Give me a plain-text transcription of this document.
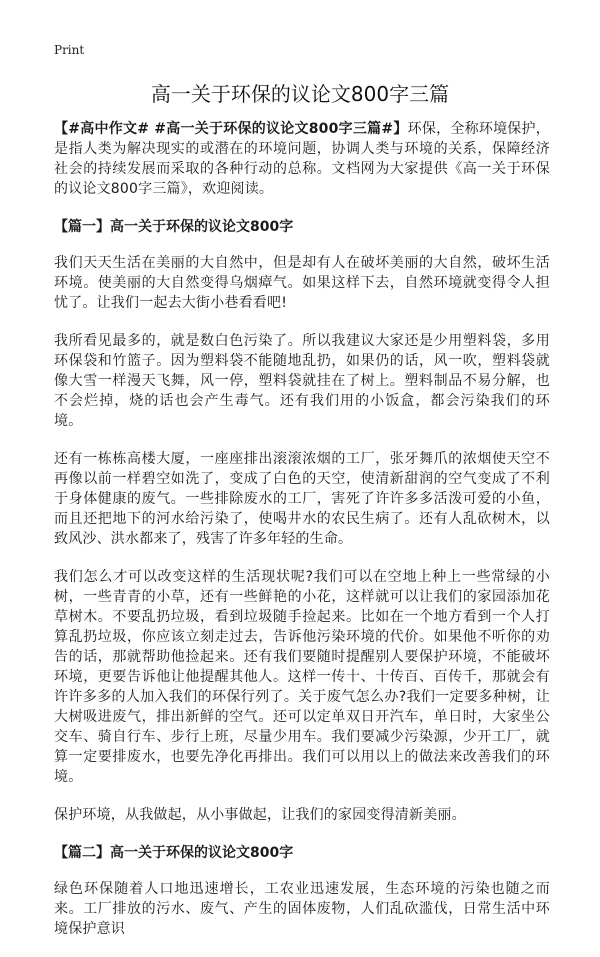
Print
高一关于环保的议论文800字三篇

【#高中作文# #高一关于环保的议论文800字三篇#】环保，全称环境保护，是指人类为解决现实的或潜在的环境问题，协调人类与环境的关系，保障经济社会的持续发展而采取的各种行动的总称。文档网为大家提供《高一关于环保的议论文800字三篇》，欢迎阅读。

【篇一】高一关于环保的议论文800字

我们天天生活在美丽的大自然中，但是却有人在破坏美丽的大自然，破坏生活环境。使美丽的大自然变得乌烟瘴气。如果这样下去，自然环境就变得令人担忧了。让我们一起去大街小巷看看吧!

我所看见最多的，就是数白色污染了。所以我建议大家还是少用塑料袋，多用环保袋和竹篮子。因为塑料袋不能随地乱扔，如果仍的话，风一吹，塑料袋就像大雪一样漫天飞舞，风一停，塑料袋就挂在了树上。塑料制品不易分解，也不会烂掉，烧的话也会产生毒气。还有我们用的小饭盒，都会污染我们的环境。

还有一栋栋高楼大厦，一座座排出滚滚浓烟的工厂，张牙舞爪的浓烟使天空不再像以前一样碧空如洗了，变成了白色的天空，使清新甜润的空气变成了不利于身体健康的废气。一些排除废水的工厂，害死了许许多多活泼可爱的小鱼，而且还把地下的河水给污染了，使喝井水的农民生病了。还有人乱砍树木，以致风沙、洪水都来了，残害了许多年轻的生命。

我们怎么才可以改变这样的生活现状呢?我们可以在空地上种上一些常绿的小树，一些青青的小草，还有一些鲜艳的小花，这样就可以让我们的家园添加花草树木。不要乱扔垃圾，看到垃圾随手捡起来。比如在一个地方看到一个人打算乱扔垃圾，你应该立刻走过去，告诉他污染环境的代价。如果他不听你的劝告的话，那就帮助他捡起来。还有我们要随时提醒别人要保护环境，不能破坏环境，更要告诉他让他提醒其他人。这样一传十、十传百、百传千，那就会有许许多多的人加入我们的环保行列了。关于废气怎么办?我们一定要多种树，让大树吸进废气，排出新鲜的空气。还可以定单双日开汽车，单日时，大家坐公交车、骑自行车、步行上班，尽量少用车。我们要减少污染源，少开工厂，就算一定要排废水，也要先净化再排出。我们可以用以上的做法来改善我们的环境。

保护环境，从我做起，从小事做起，让我们的家园变得清新美丽。

【篇二】高一关于环保的议论文800字

绿色环保随着人口地迅速增长，工农业迅速发展，生态环境的污染也随之而来。工厂排放的污水、废气、产生的固体废物，人们乱砍滥伐，日常生活中环境保护意识
